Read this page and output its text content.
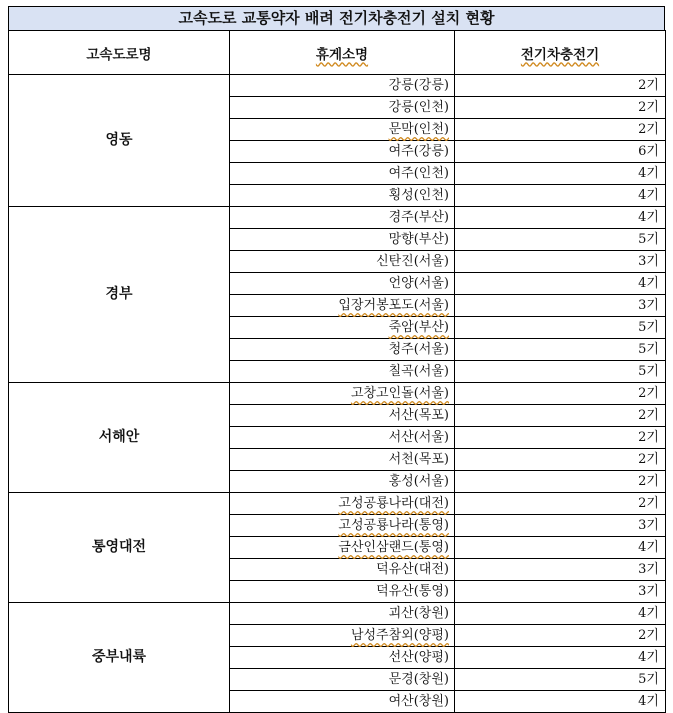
고속도로 교통약자 배려 전기차충전기 설치 현황
고속도로명	휴게소명	전기차충전기
영동	강릉(강릉)	2기
	강릉(인천)	2기
	문막(인천)	2기
	여주(강릉)	6기
	여주(인천)	4기
	횡성(인천)	4기
경부	경주(부산)	4기
	망향(부산)	5기
	신탄진(서울)	3기
	언양(서울)	4기
	입장거봉포도(서울)	3기
	죽암(부산)	5기
	청주(서울)	5기
	칠곡(서울)	5기
서해안	고창고인돌(서울)	2기
	서산(목포)	2기
	서산(서울)	2기
	서천(목포)	2기
	홍성(서울)	2기
통영대전	고성공룡나라(대전)	2기
	고성공룡나라(통영)	3기
	금산인삼랜드(통영)	4기
	덕유산(대전)	3기
	덕유산(통영)	3기
중부내륙	괴산(창원)	4기
	남성주참외(양평)	2기
	선산(양평)	4기
	문경(창원)	5기
	여산(창원)	4기
